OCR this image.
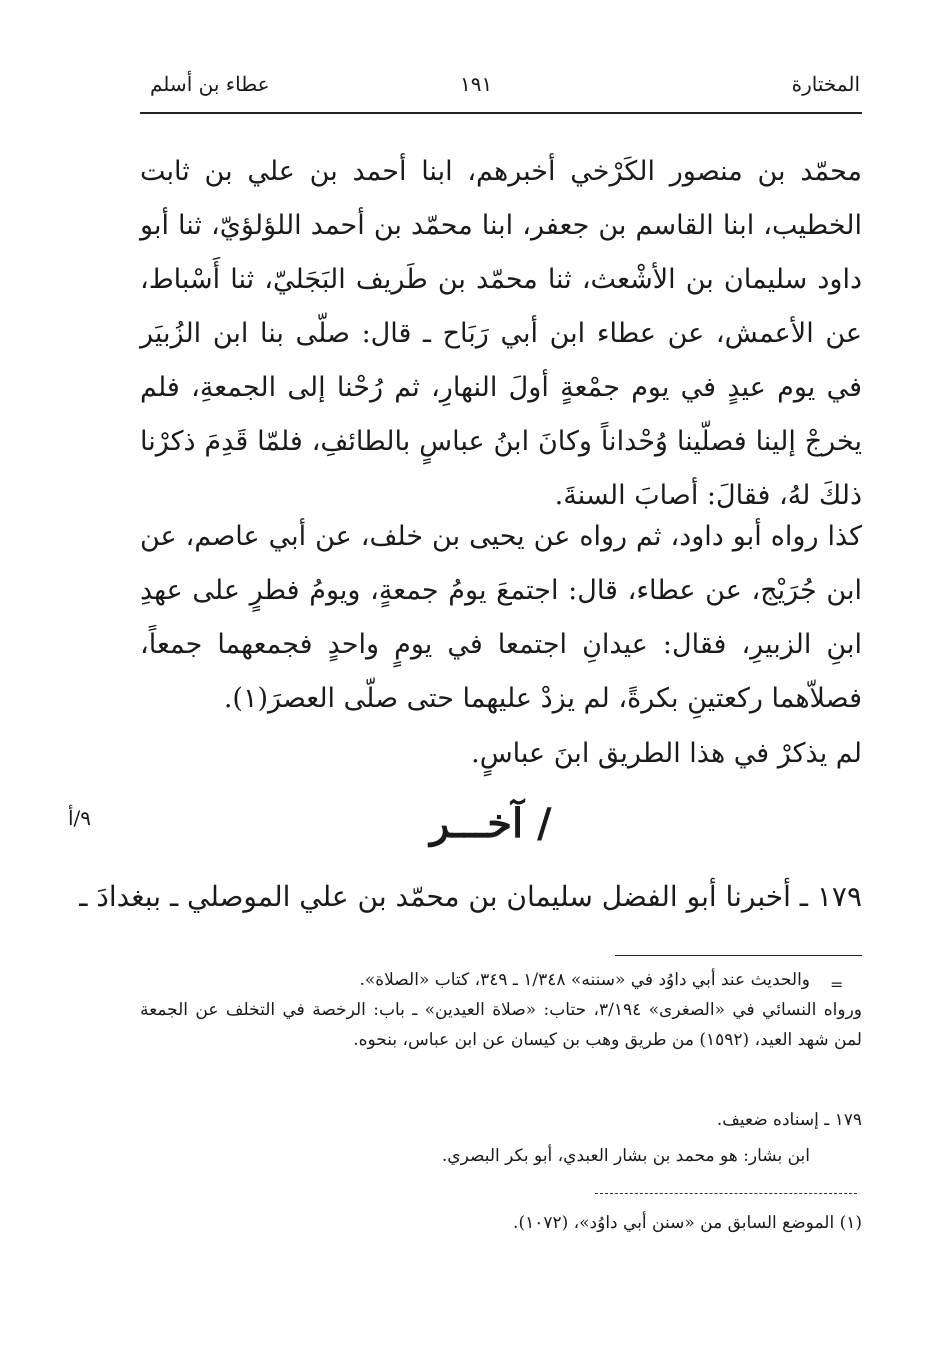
المختارة
١٩١
عطاء بن أسلم
محمّد بن منصور الكَرْخي أخبرهم، ابنا أحمد بن علي بن ثابت الخطيب، ابنا القاسم بن جعفر، ابنا محمّد بن أحمد اللؤلؤيّ، ثنا أبو داود سليمان بن الأشْعث، ثنا محمّد بن طَريف البَجَليّ، ثنا أَسْباط، عن الأعمش، عن عطاء ابن أبي رَبَاح ـ قال: صلّى بنا ابن الزُبيَر في يوم عيدٍ في يوم جمْعةٍ أولَ النهارِ، ثم رُحْنا إلى الجمعةِ، فلم يخرجْ إلينا فصلّينا وُحْداناً وكانَ ابنُ عباسٍ بالطائفِ، فلمّا قَدِمَ ذكرْنا ذلكَ لهُ، فقالَ: أصابَ السنةَ.
كذا رواه أبو داود، ثم رواه عن يحيى بن خلف، عن أبي عاصم، عن ابن جُرَيْج، عن عطاء، قال: اجتمعَ يومُ جمعةٍ، ويومُ فطرٍ على عهدِ ابنِ الزبيرِ، فقال: عيدانِ اجتمعا في يومٍ واحدٍ فجمعهما جمعاً، فصلاّهما ركعتينِ بكرةً، لم يزدْ عليهما حتى صلّى العصرَ(١).
لم يذكرْ في هذا الطريق ابنَ عباسٍ.
/ آخـــر
٩/أ
١٧٩ ـ أخبرنا أبو الفضل سليمان بن محمّد بن علي الموصلي ـ ببغدادَ ـ
=
والحديث عند أبي داوُد في «سننه» ١/٣٤٨ ـ ٣٤٩، كتاب «الصلاة».
ورواه النسائي في «الصغرى» ٣/١٩٤، حتاب: «صلاة العيدين» ـ باب: الرخصة في التخلف عن الجمعة لمن شهد العيد، (١٥٩٢) من طريق وهب بن كيسان عن ابن عباس، بنحوه.
١٧٩ ـ إسناده ضعيف.
ابن بشار: هو محمد بن بشار العبدي، أبو بكر البصري.
(١) الموضع السابق من «سنن أبي داوُد»، (١٠٧٢).
